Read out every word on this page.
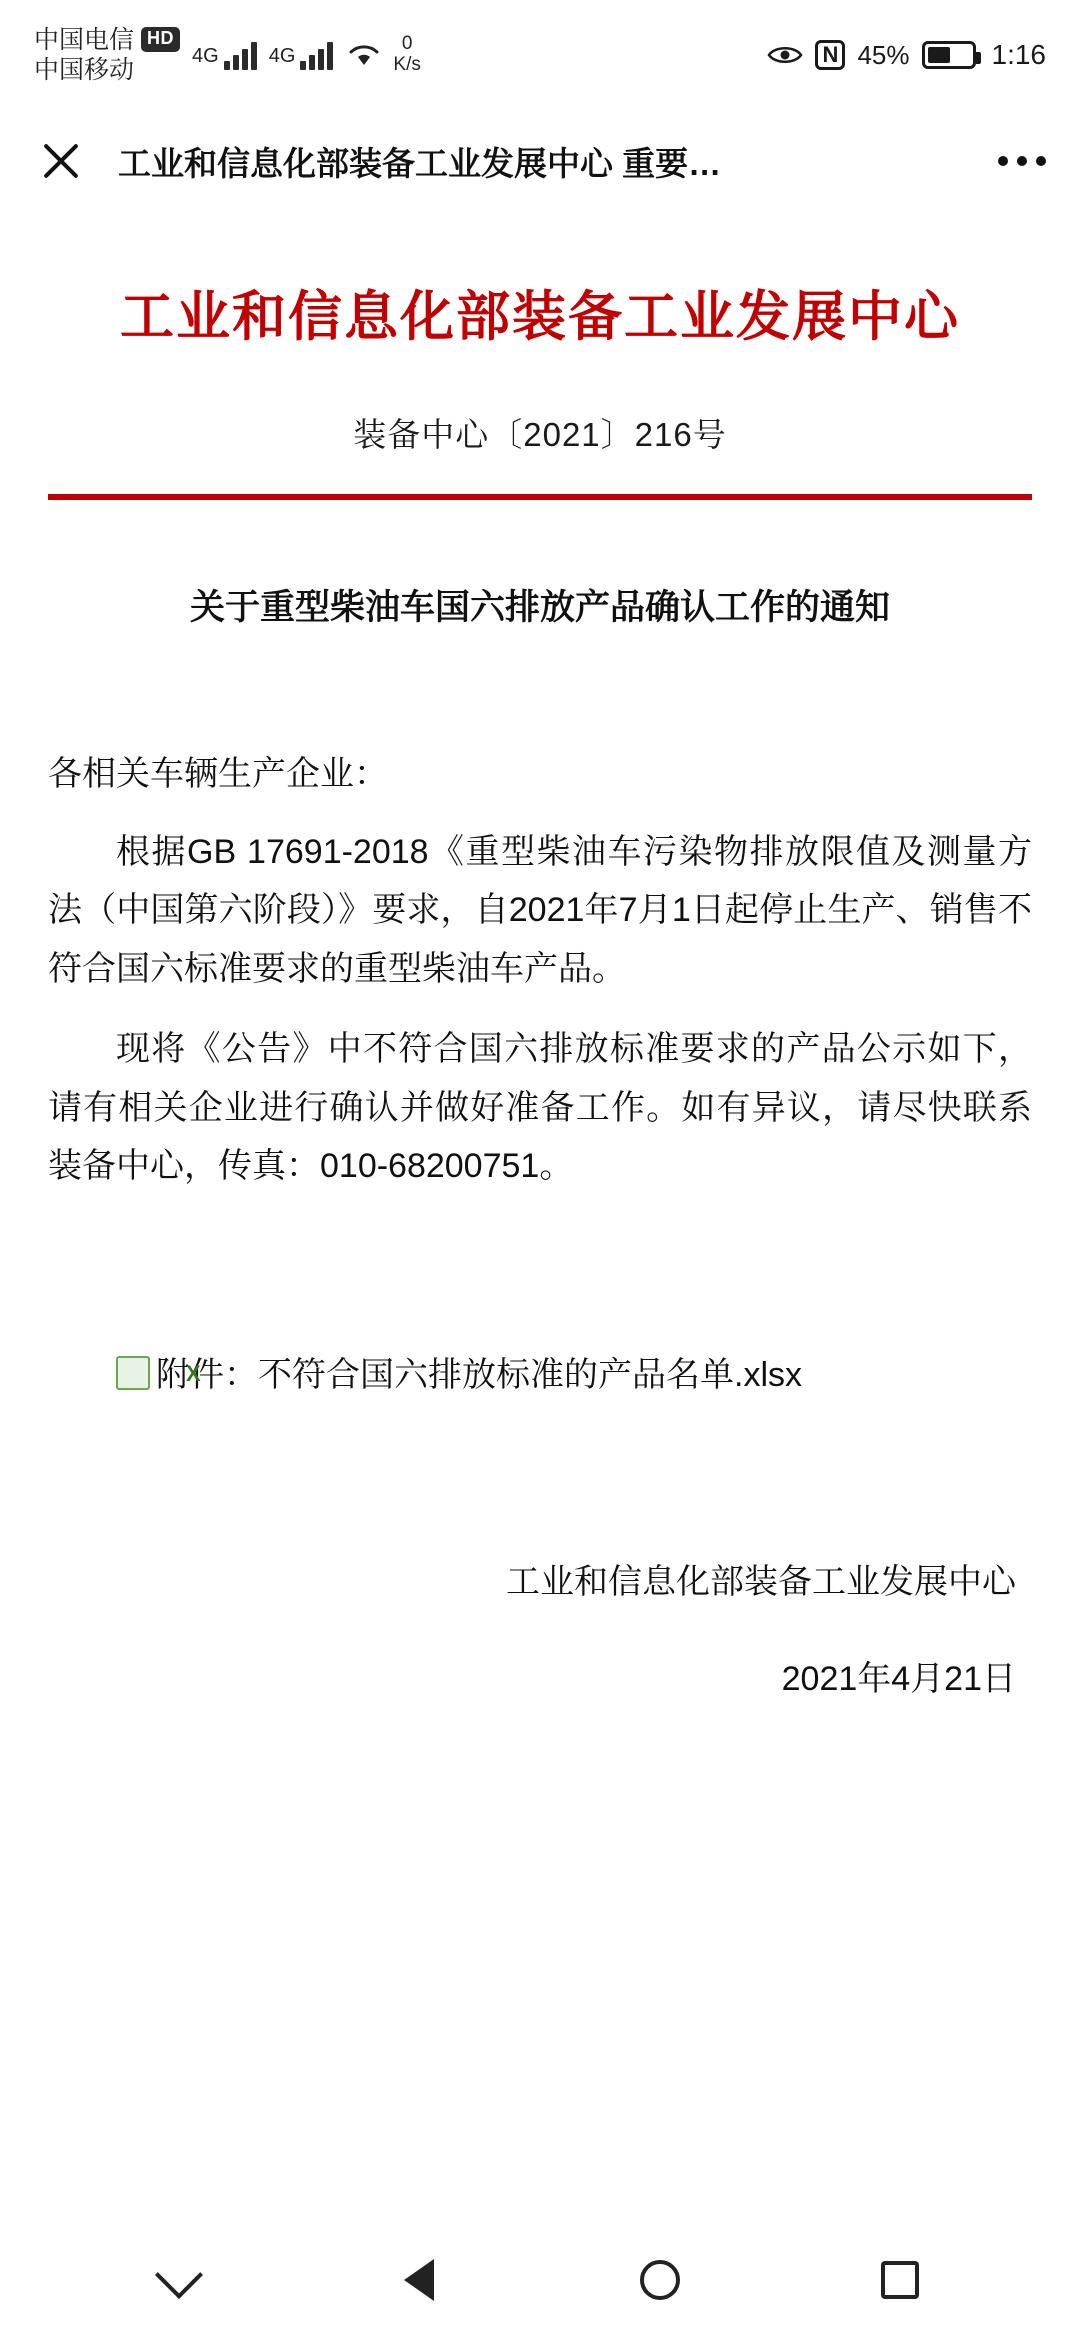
中国电信 HD
中国移动	4G	4G
0
K/s	N 45%	1:16
工业和信息化部装备工业发展中心 重要…
工业和信息化部装备工业发展中心
装备中心〔2021〕216号
关于重型柴油车国六排放产品确认工作的通知
各相关车辆生产企业：

根据GB 17691-2018《重型柴油车污染物排放限值及测量方法（中国第六阶段）》要求，自2021年7月1日起停止生产、销售不符合国六标准要求的重型柴油车产品。

现将《公告》中不符合国六排放标准要求的产品公示如下，请有相关企业进行确认并做好准备工作。如有异议，请尽快联系装备中心，传真：010-68200751。

X附件：不符合国六排放标准的产品名单.xlsx
工业和信息化部装备工业发展中心
2021年4月21日
